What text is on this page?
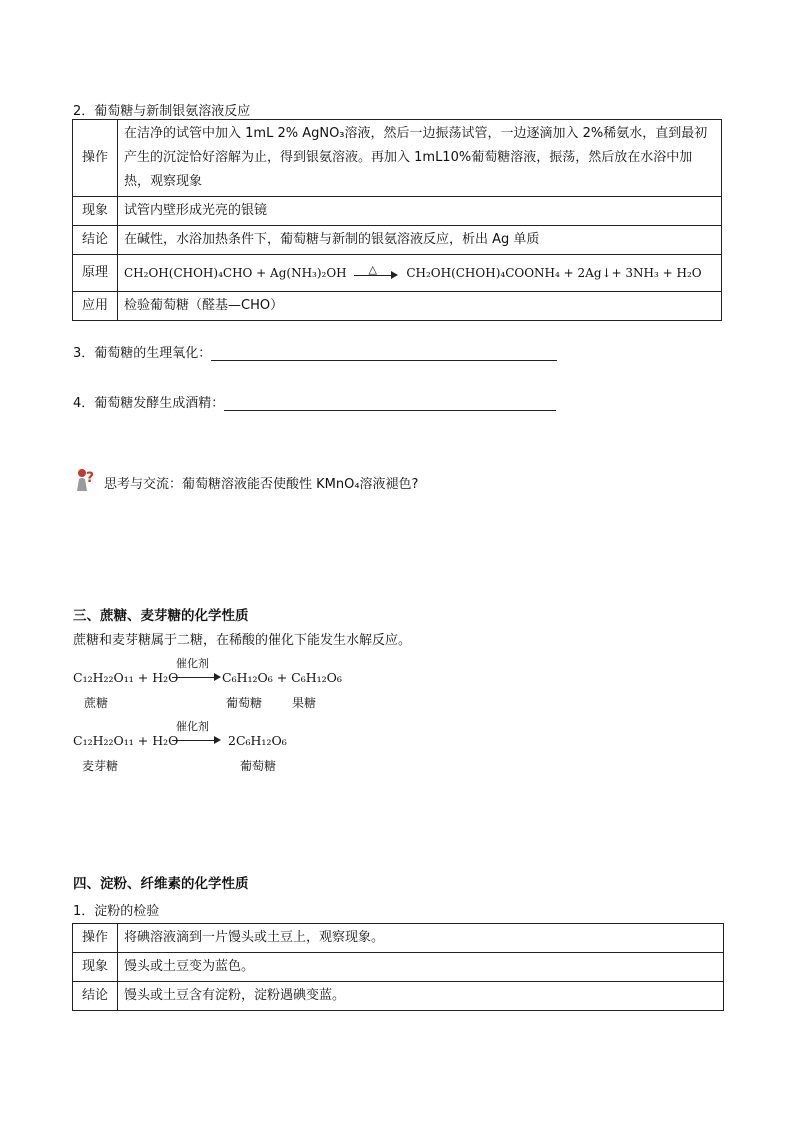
2．葡萄糖与新制银氨溶液反应
操作	在洁净的试管中加入 1mL 2% AgNO₃溶液，然后一边振荡试管，一边逐滴加入 2%稀氨水，直到最初产生的沉淀恰好溶解为止，得到银氨溶液。再加入 1mL10%葡萄糖溶液，振荡，然后放在水浴中加热，观察现象
现象	试管内壁形成光亮的银镜
结论	在碱性，水浴加热条件下，葡萄糖与新制的银氨溶液反应，析出 Ag 单质
原理	CH₂OH(CHOH)₄CHO + Ag(NH₃)₂OH △ CH₂OH(CHOH)₄COONH₄ + 2Ag↓+ 3NH₃ + H₂O
应用	检验葡萄糖（醛基—CHO）
3．葡萄糖的生理氧化：
4．葡萄糖发酵生成酒精：
? 思考与交流：葡萄糖溶液能否使酸性 KMnO₄溶液褪色?
三、蔗糖、麦芽糖的化学性质
蔗糖和麦芽糖属于二糖，在稀酸的催化下能发生水解反应。
催化剂
C₁₂H₂₂O₁₁ + H₂O	C₆H₁₂O₆ + C₆H₁₂O₆
蔗糖	葡萄糖 果糖
催化剂
C₁₂H₂₂O₁₁ + H₂O	2C₆H₁₂O₆
麦芽糖	葡萄糖
四、淀粉、纤维素的化学性质
1．淀粉的检验
操作	将碘溶液滴到一片馒头或土豆上，观察现象。
现象	馒头或土豆变为蓝色。
结论	馒头或土豆含有淀粉，淀粉遇碘变蓝。
